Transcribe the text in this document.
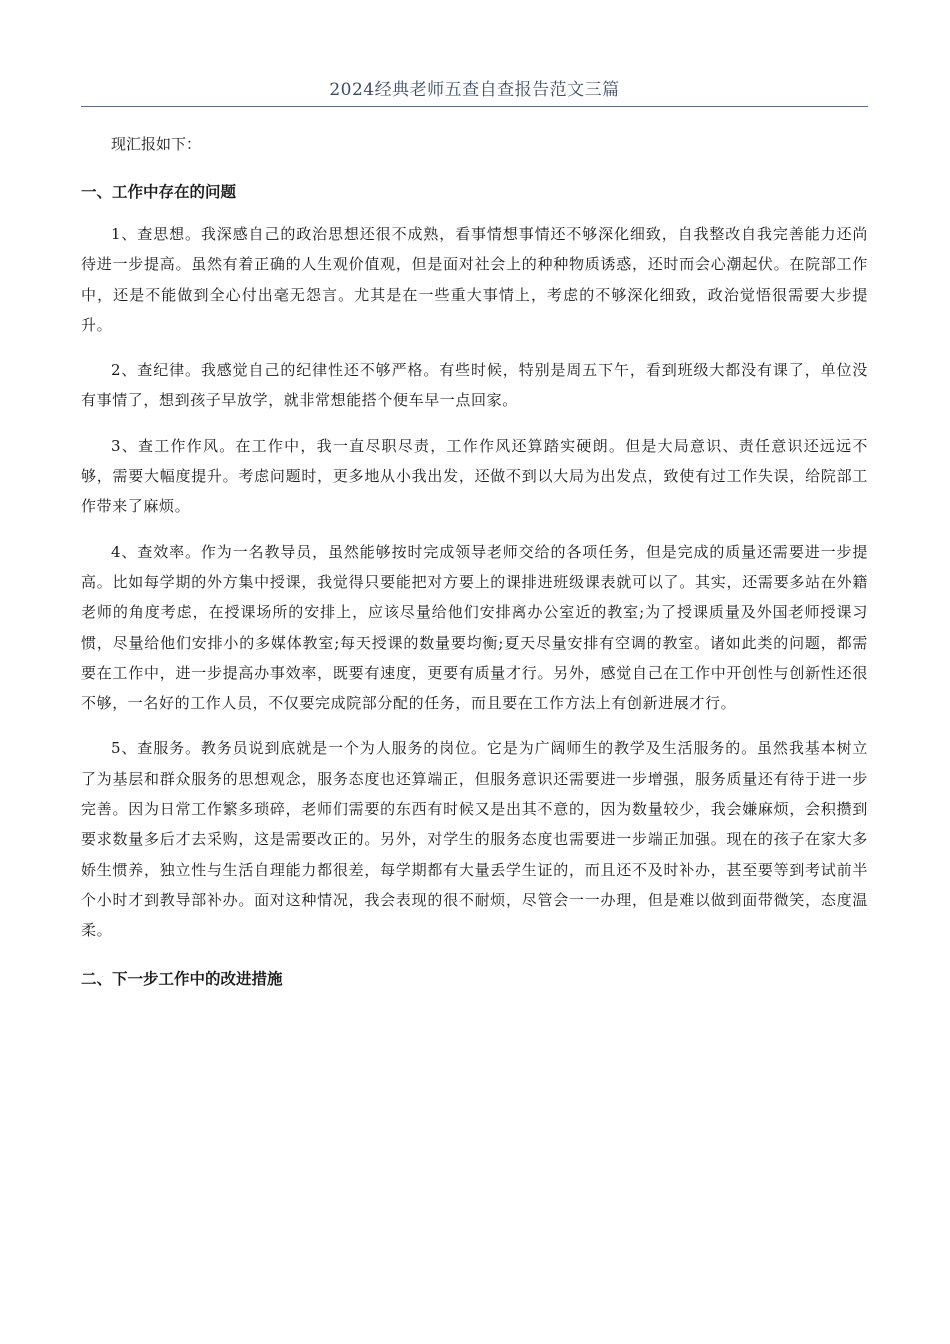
2024经典老师五查自查报告范文三篇
现汇报如下：
一、工作中存在的问题

1、查思想。我深感自己的政治思想还很不成熟，看事情想事情还不够深化细致，自我整改自我完善能力还尚待进一步提高。虽然有着正确的人生观价值观，但是面对社会上的种种物质诱惑，还时而会心潮起伏。在院部工作中，还是不能做到全心付出毫无怨言。尤其是在一些重大事情上，考虑的不够深化细致，政治觉悟很需要大步提升。

2、查纪律。我感觉自己的纪律性还不够严格。有些时候，特别是周五下午，看到班级大都没有课了，单位没有事情了，想到孩子早放学，就非常想能搭个便车早一点回家。

3、查工作作风。在工作中，我一直尽职尽责，工作作风还算踏实硬朗。但是大局意识、责任意识还远远不够，需要大幅度提升。考虑问题时，更多地从小我出发，还做不到以大局为出发点，致使有过工作失误，给院部工作带来了麻烦。

4、查效率。作为一名教导员，虽然能够按时完成领导老师交给的各项任务，但是完成的质量还需要进一步提高。比如每学期的外方集中授课，我觉得只要能把对方要上的课排进班级课表就可以了。其实，还需要多站在外籍老师的角度考虑，在授课场所的安排上，应该尽量给他们安排离办公室近的教室;为了授课质量及外国老师授课习惯，尽量给他们安排小的多媒体教室;每天授课的数量要均衡;夏天尽量安排有空调的教室。诸如此类的问题，都需要在工作中，进一步提高办事效率，既要有速度，更要有质量才行。另外，感觉自己在工作中开创性与创新性还很不够，一名好的工作人员，不仅要完成院部分配的任务，而且要在工作方法上有创新进展才行。

5、查服务。教务员说到底就是一个为人服务的岗位。它是为广阔师生的教学及生活服务的。虽然我基本树立了为基层和群众服务的思想观念，服务态度也还算端正，但服务意识还需要进一步增强，服务质量还有待于进一步完善。因为日常工作繁多琐碎，老师们需要的东西有时候又是出其不意的，因为数量较少，我会嫌麻烦，会积攒到要求数量多后才去采购，这是需要改正的。另外，对学生的服务态度也需要进一步端正加强。现在的孩子在家大多娇生惯养，独立性与生活自理能力都很差，每学期都有大量丢学生证的，而且还不及时补办，甚至要等到考试前半个小时才到教导部补办。面对这种情况，我会表现的很不耐烦，尽管会一一办理，但是难以做到面带微笑，态度温柔。

二、下一步工作中的改进措施
